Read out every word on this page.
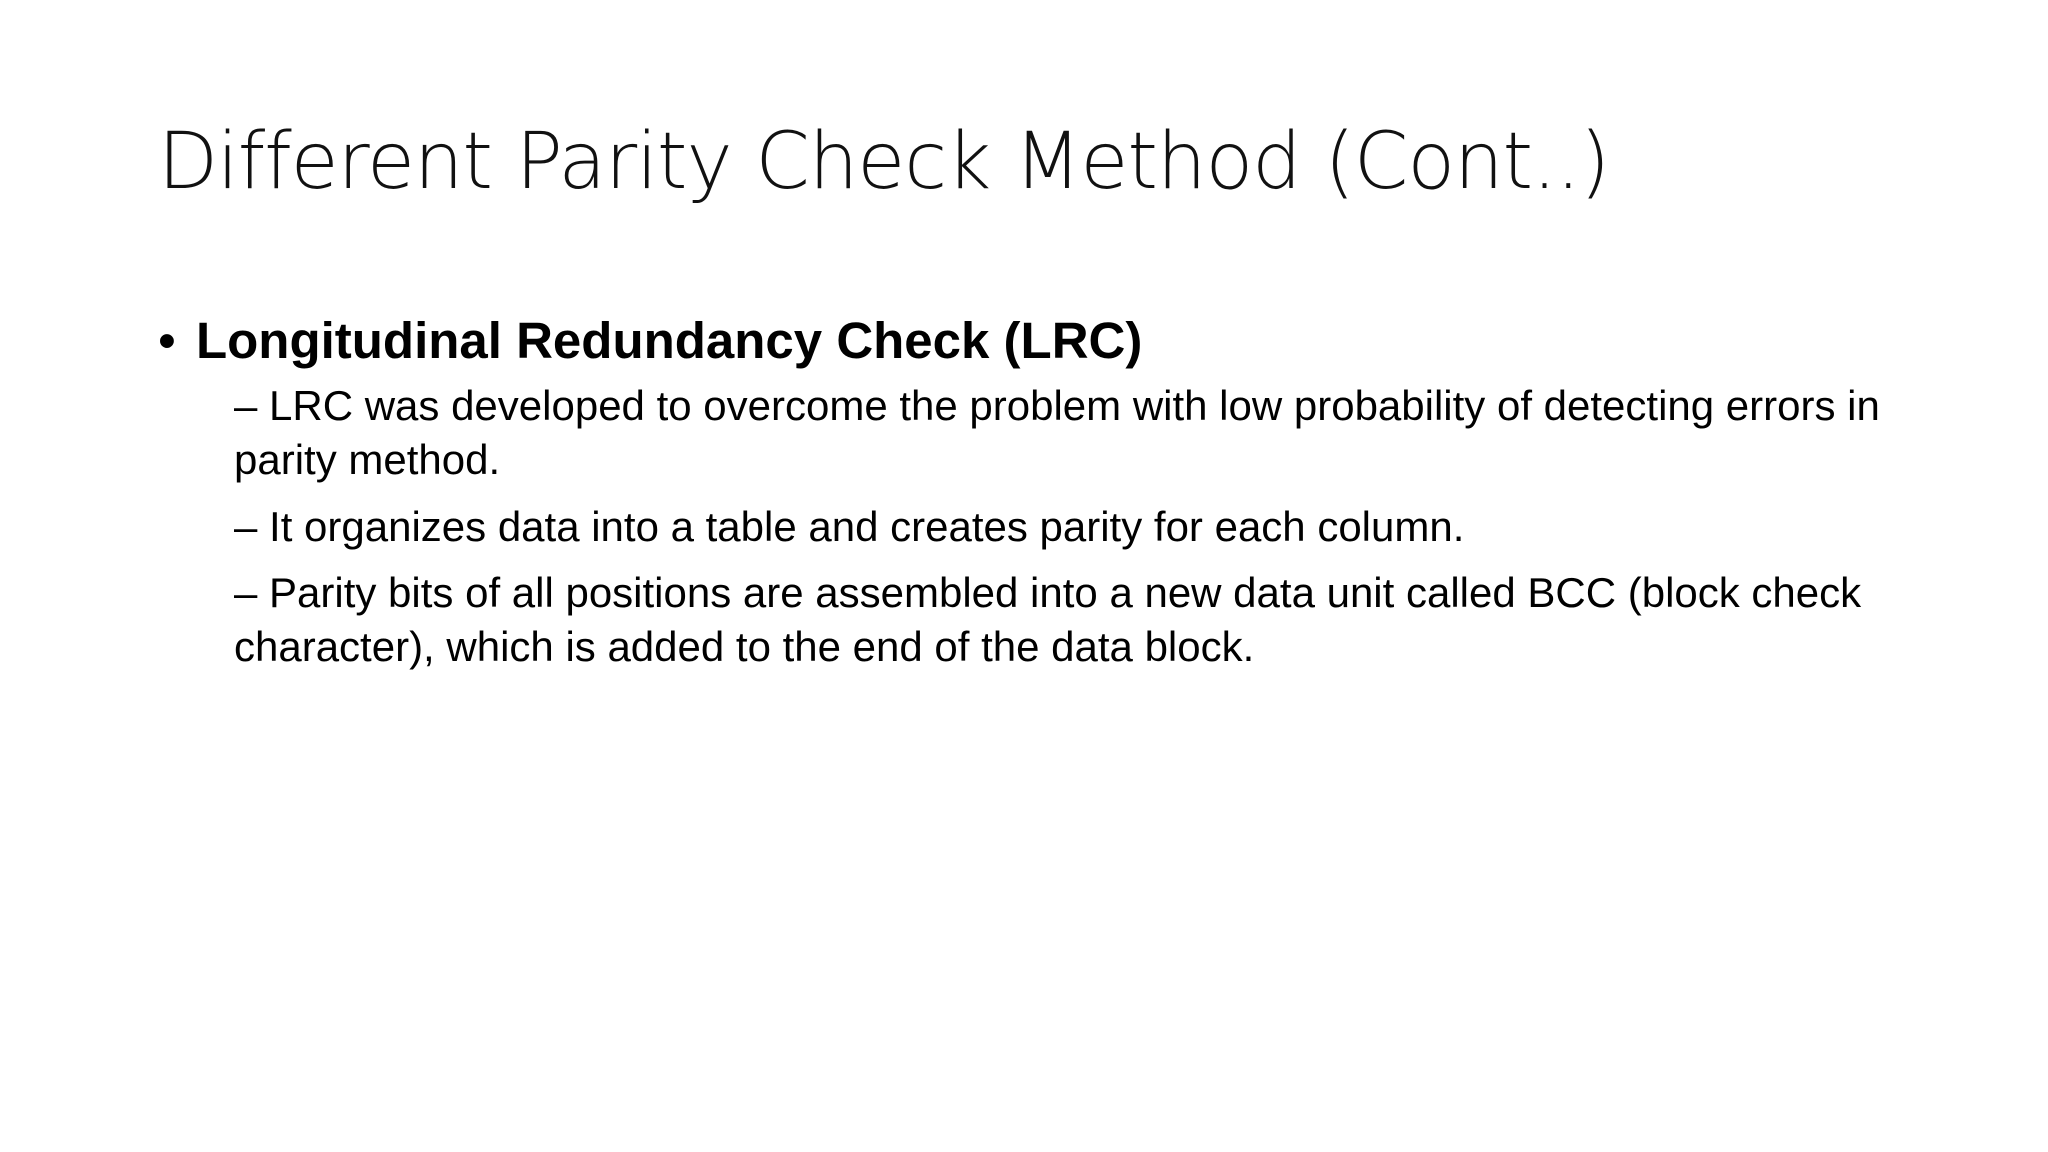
Different Parity Check Method (Cont..)
• Longitudinal Redundancy Check (LRC)
– LRC was developed to overcome the problem with low probability of detecting errors in parity method.
– It organizes data into a table and creates parity for each column.
– Parity bits of all positions are assembled into a new data unit called BCC (block check character), which is added to the end of the data block.
